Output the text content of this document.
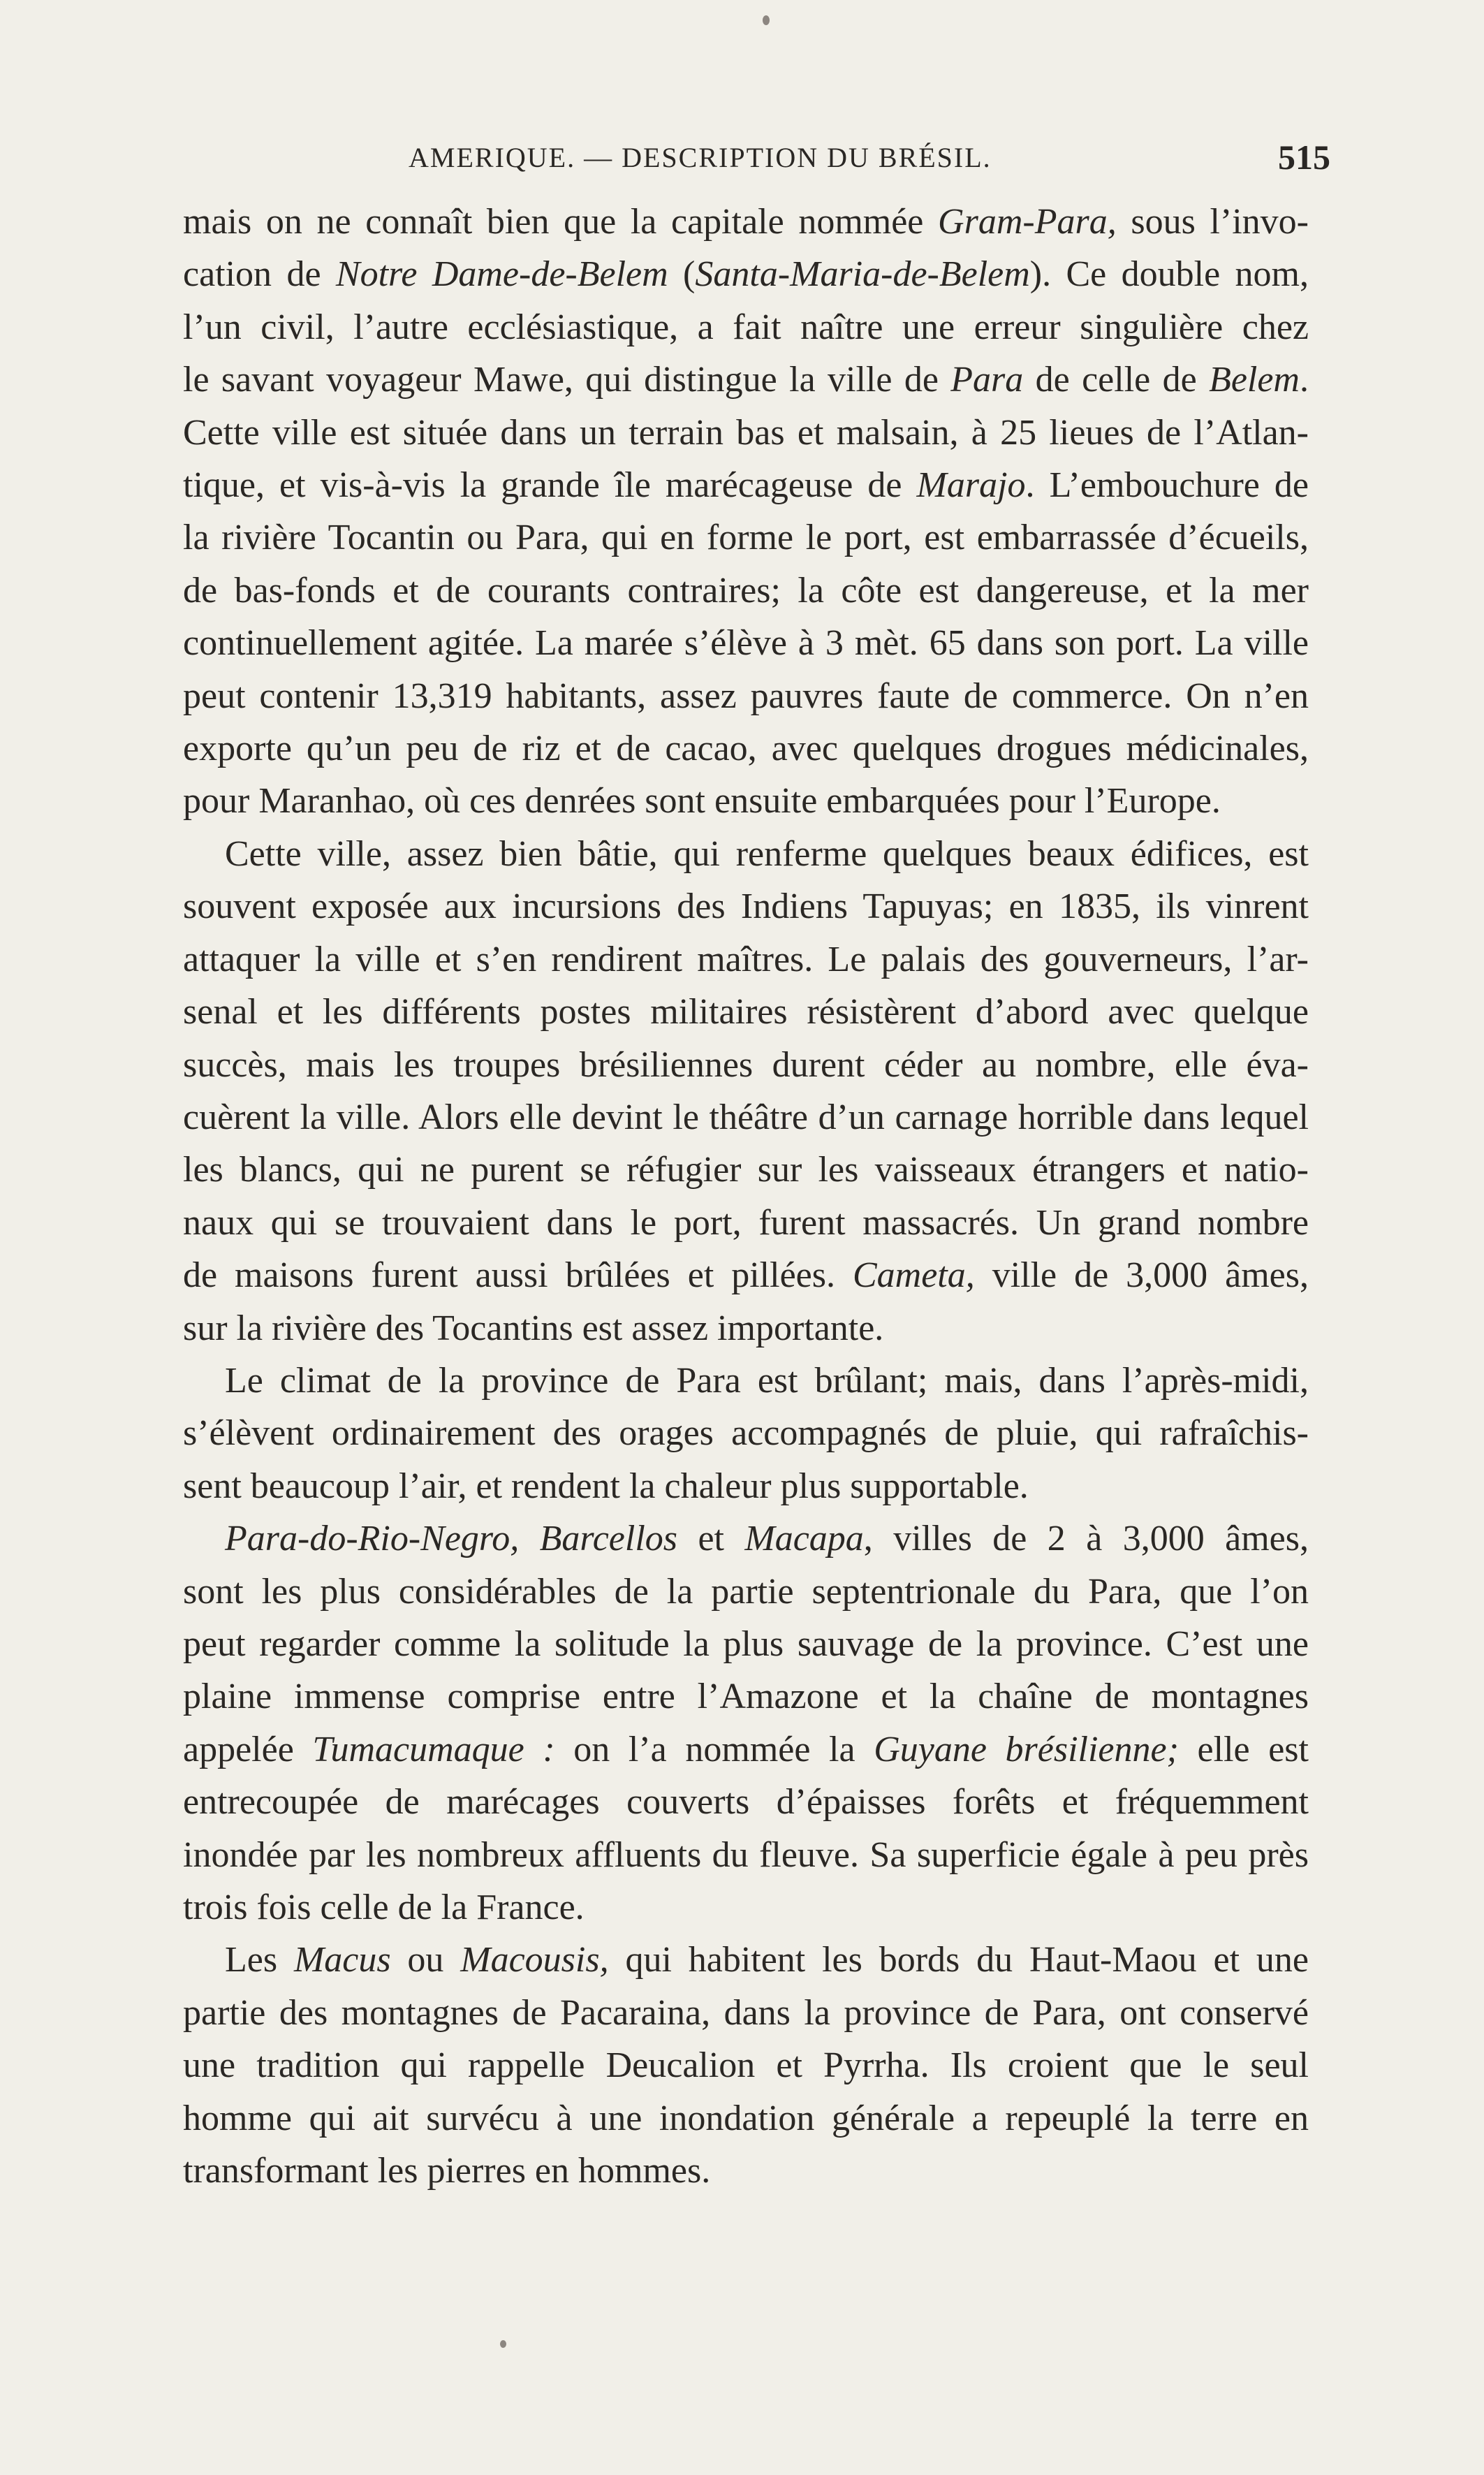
AMERIQUE. — DESCRIPTION DU BRÉSIL.	515
mais on ne connaît bien que la capitale nommée Gram-Para, sous l’invo-
cation de Notre Dame-de-Belem (Santa-Maria-de-Belem). Ce double nom,
l’un civil, l’autre ecclésiastique, a fait naître une erreur singulière chez
le savant voyageur Mawe, qui distingue la ville de Para de celle de Belem.
Cette ville est située dans un terrain bas et malsain, à 25 lieues de l’Atlan-
tique, et vis-à-vis la grande île marécageuse de Marajo. L’embouchure de
la rivière Tocantin ou Para, qui en forme le port, est embarrassée d’écueils,
de bas-fonds et de courants contraires; la côte est dangereuse, et la mer
continuellement agitée. La marée s’élève à 3 mèt. 65 dans son port. La ville
peut contenir 13,319 habitants, assez pauvres faute de commerce. On n’en
exporte qu’un peu de riz et de cacao, avec quelques drogues médicinales,
pour Maranhao, où ces denrées sont ensuite embarquées pour l’Europe.
Cette ville, assez bien bâtie, qui renferme quelques beaux édifices, est
souvent exposée aux incursions des Indiens Tapuyas; en 1835, ils vinrent
attaquer la ville et s’en rendirent maîtres. Le palais des gouverneurs, l’ar-
senal et les différents postes militaires résistèrent d’abord avec quelque
succès, mais les troupes brésiliennes durent céder au nombre, elle éva-
cuèrent la ville. Alors elle devint le théâtre d’un carnage horrible dans lequel
les blancs, qui ne purent se réfugier sur les vaisseaux étrangers et natio-
naux qui se trouvaient dans le port, furent massacrés. Un grand nombre
de maisons furent aussi brûlées et pillées. Cameta, ville de 3,000 âmes,
sur la rivière des Tocantins est assez importante.
Le climat de la province de Para est brûlant; mais, dans l’après-midi,
s’élèvent ordinairement des orages accompagnés de pluie, qui rafraîchis-
sent beaucoup l’air, et rendent la chaleur plus supportable.
Para-do-Rio-Negro, Barcellos et Macapa, villes de 2 à 3,000 âmes,
sont les plus considérables de la partie septentrionale du Para, que l’on
peut regarder comme la solitude la plus sauvage de la province. C’est une
plaine immense comprise entre l’Amazone et la chaîne de montagnes
appelée Tumacumaque : on l’a nommée la Guyane brésilienne; elle est
entrecoupée de marécages couverts d’épaisses forêts et fréquemment
inondée par les nombreux affluents du fleuve. Sa superficie égale à peu près
trois fois celle de la France.
Les Macus ou Macousis, qui habitent les bords du Haut-Maou et une
partie des montagnes de Pacaraina, dans la province de Para, ont conservé
une tradition qui rappelle Deucalion et Pyrrha. Ils croient que le seul
homme qui ait survécu à une inondation générale a repeuplé la terre en
transformant les pierres en hommes.
